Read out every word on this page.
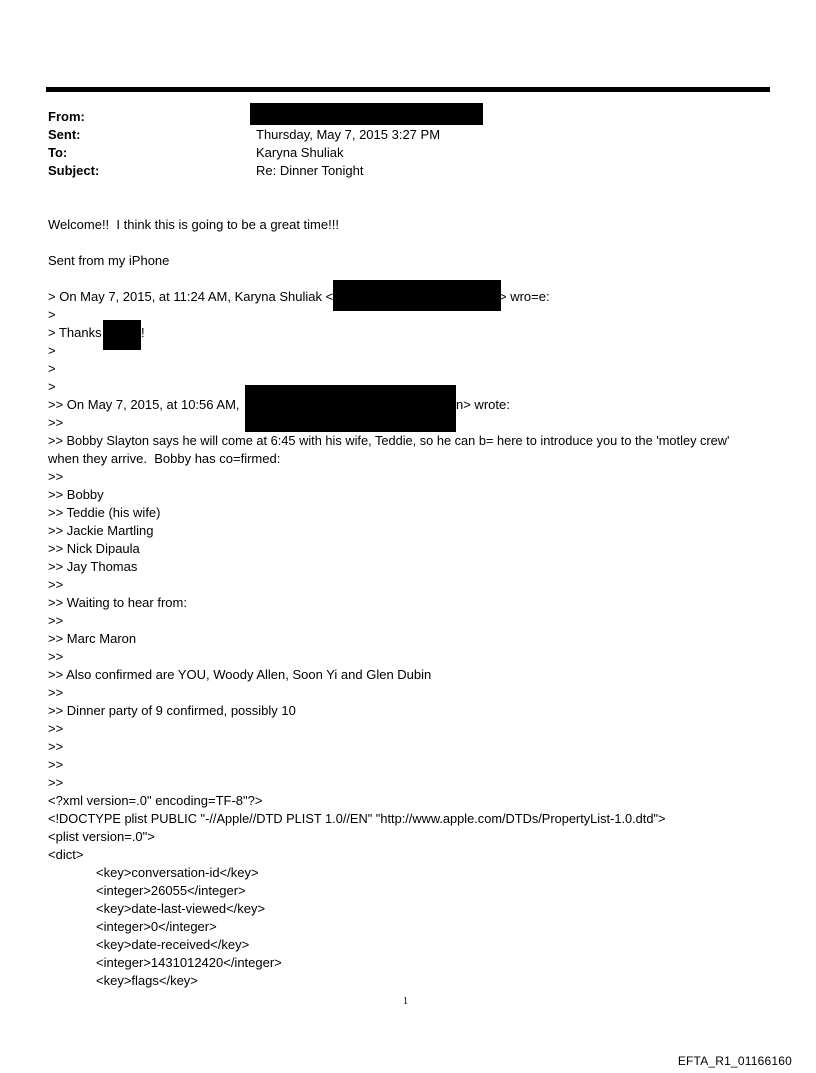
From:
Sent:	Thursday, May 7, 2015 3:27 PM
To:	Karyna Shuliak
Subject:	Re: Dinner Tonight
Welcome!!  I think this is going to be a great time!!!
Sent from my iPhone
> On May 7, 2015, at 11:24 AM, Karyna Shuliak <	> wro=e:
>
> Thanks	!
>
>
>
>> On May 7, 2015, at 10:56 AM,	n> wrote:
>>
>> Bobby Slayton says he will come at 6:45 with his wife, Teddie, so he can b= here to introduce you to the 'motley crew'
when they arrive.  Bobby has co=firmed:
>>
>> Bobby
>> Teddie (his wife)
>> Jackie Martling
>> Nick Dipaula
>> Jay Thomas
>>
>> Waiting to hear from:
>>
>> Marc Maron
>>
>> Also confirmed are YOU, Woody Allen, Soon Yi and Glen Dubin
>>
>> Dinner party of 9 confirmed, possibly 10
>>
>>
>>
>>
<?xml version=.0" encoding=TF-8"?>
<!DOCTYPE plist PUBLIC "-//Apple//DTD PLIST 1.0//EN" "http://www.apple.com/DTDs/PropertyList-1.0.dtd">
<plist version=.0">
<dict>
<key>conversation-id</key>
<integer>26055</integer>
<key>date-last-viewed</key>
<integer>0</integer>
<key>date-received</key>
<integer>1431012420</integer>
<key>flags</key>
1
EFTA_R1_01166160
